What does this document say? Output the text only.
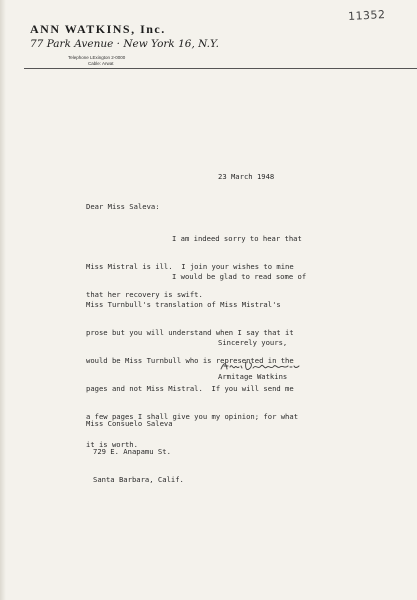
11352
ANN WATKINS, Inc.
77 Park Avenue · New York 16, N.Y.
Telephone LExington 2-0000
Cable: Arwat
23 March 1948
Dear Miss Saleva:

I am indeed sorry to hear that

Miss Mistral is ill.  I join your wishes to mine

that her recovery is swift.

I would be glad to read some of

Miss Turnbull's translation of Miss Mistral's

prose but you will understand when I say that it

would be Miss Turnbull who is represented in the

pages and not Miss Mistral.  If you will send me

a few pages I shall give you my opinion; for what

it is worth.

Sincerely yours,
Armitage Watkins

Miss Consuelo Saleva

729 E. Anapamu St.

Santa Barbara, Calif.
